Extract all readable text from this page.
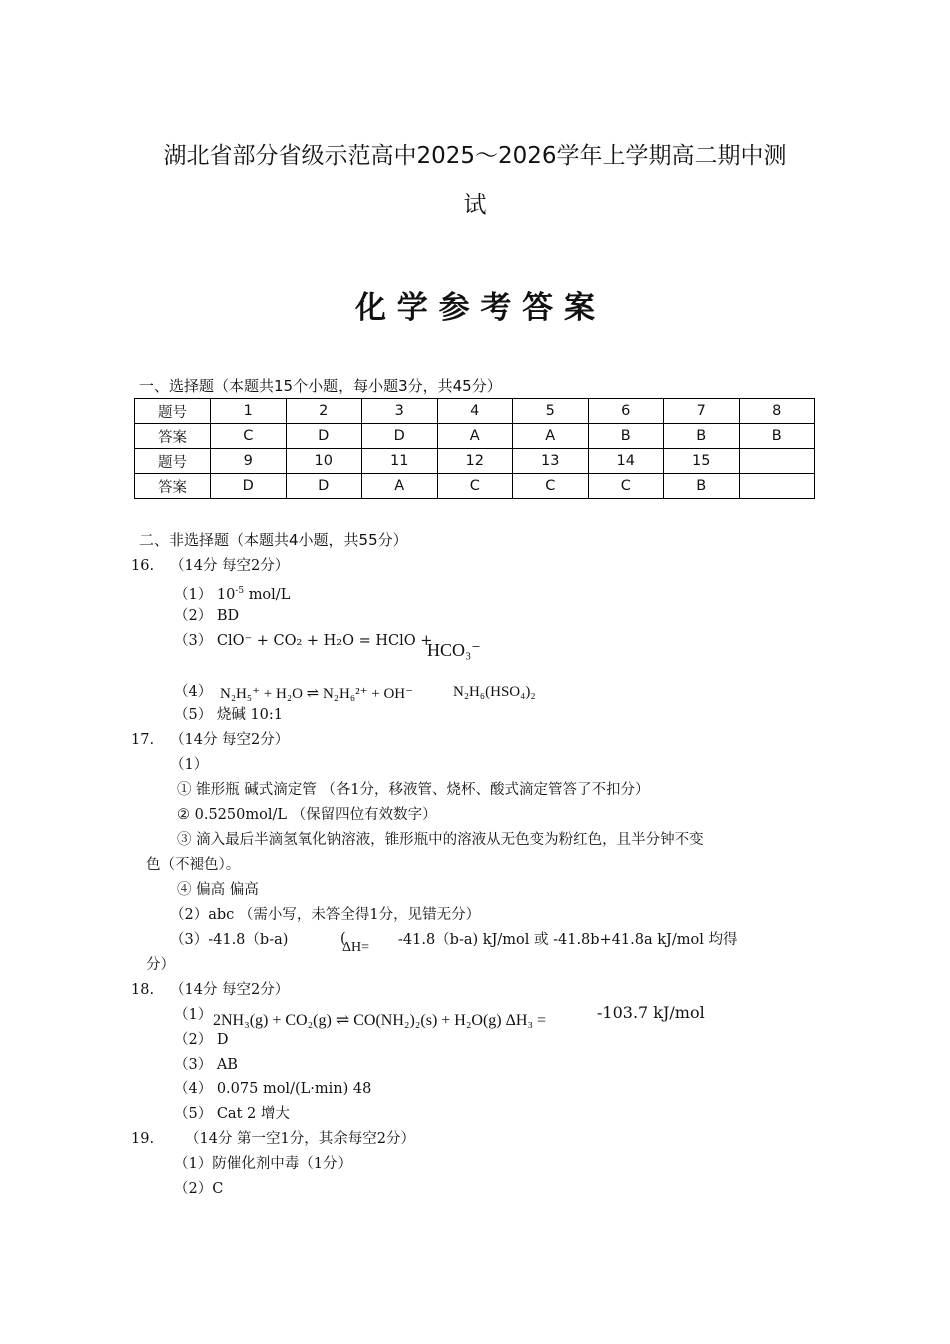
湖北省部分省级示范高中2025～2026学年上学期高二期中测
试
化 学 参 考 答 案
一、选择题（本题共15个小题，每小题3分，共45分）
题号	1	2	3	4	5	6	7	8
答案	C	D	D	A	A	B	B	B
题号	9	10	11	12	13	14	15	
答案	D	D	A	C	C	C	B	
二、非选择题（本题共4小题，共55分）
16. （14分 每空2分）
（1） $10^{-5}$ mol/L
（2） BD
（3） ClO⁻ + CO₂ + H₂O = HClO +
HCO₃⁻
（4） N₂H₅⁺ + H₂O ⇌ N₂H₆²⁺ + OH⁻	N₂H₆(HSO₄)₂
（5） 烧碱 10:1
17. （14分 每空2分）
（1）
① 锥形瓶 碱式滴定管 （各1分，移液管、烧杯、酸式滴定管答了不扣分）
② 0.5250mol/L （保留四位有效数字）
③ 滴入最后半滴氢氧化钠溶液，锥形瓶中的溶液从无色变为粉红色，且半分钟不变
色（不褪色）。
④ 偏高 偏高
（2）abc （需小写，未答全得1分，见错无分）
（3）-41.8（b-a)	(
ΔH= -41.8（b-a) kJ/mol 或 -41.8b+41.8a kJ/mol 均得
分）
18. （14分 每空2分）
（1） 2NH₃(g) + CO₂(g) ⇌ CO(NH₂)₂(s) + H₂O(g) ΔH₃ =	-103.7 kJ/mol
（2） D
（3） AB
（4） 0.075 mol/(L·min) 48
（5） Cat 2 增大
19. （14分 第一空1分，其余每空2分）
（1）防催化剂中毒（1分）
（2）C
